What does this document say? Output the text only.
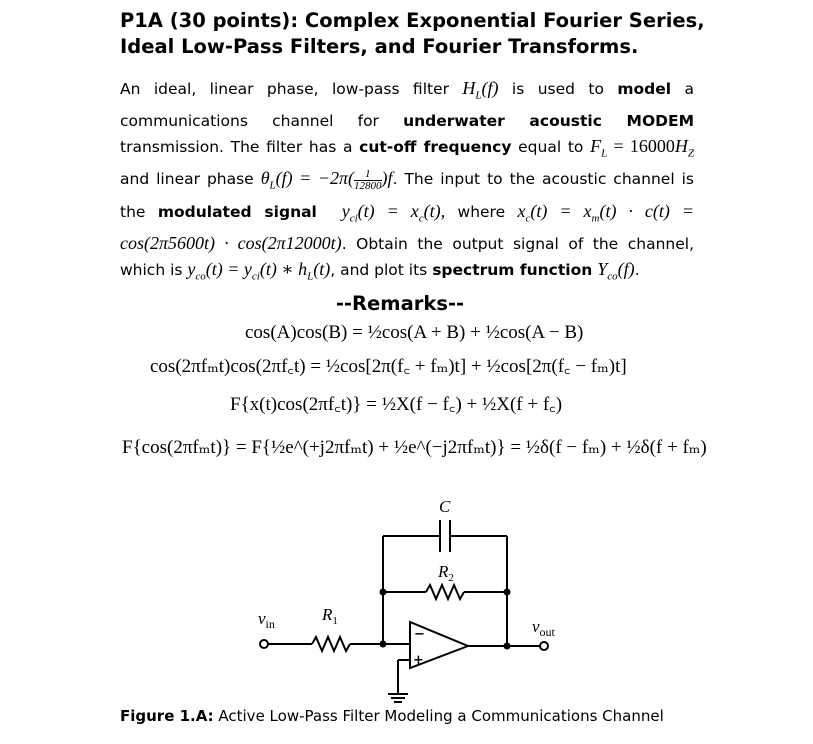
P1A (30 points): Complex Exponential Fourier Series,
Ideal Low-Pass Filters, and Fourier Transforms.
An ideal, linear phase, low-pass filter $H_L(f)$ is used to model a communications channel for underwater acoustic MODEM transmission. The filter has a cut-off frequency equal to $F_L = 16000H_Z$ and linear phase $\theta_L(f) = -2\pi( \frac{1}{12800} )f$. The input to the acoustic channel is the modulated signal $y_{ci}(t) = x_c(t)$, where $x_c(t) = x_m(t) \cdot c(t) = \cos(2\pi 5600t) \cdot \cos(2\pi 12000t)$. Obtain the output signal of the channel, which is $y_{co}(t) = y_{ci}(t)$ ∗ $h_L(t)$, and plot its spectrum function $Y_{co}(f)$.
--Remarks--
cos(A)cos(B) = ½cos(A + B) + ½cos(A − B)
cos(2πfₘt)cos(2πf꜀t) = ½cos[2π(f꜀ + fₘ)t] + ½cos[2π(f꜀ − fₘ)t]
F{x(t)cos(2πf꜀t)} = ½X(f − f꜀) + ½X(f + f꜀)
F{cos(2πfₘt)} = F{½e^(+j2πfₘt) + ½e^(−j2πfₘt)} = ½δ(f − fₘ) + ½δ(f + fₘ)
C
$R_2$
$R_1$
$v_{in}$	$v_{out}$
−
+
Figure 1.A: Active Low-Pass Filter Modeling a Communications Channel
